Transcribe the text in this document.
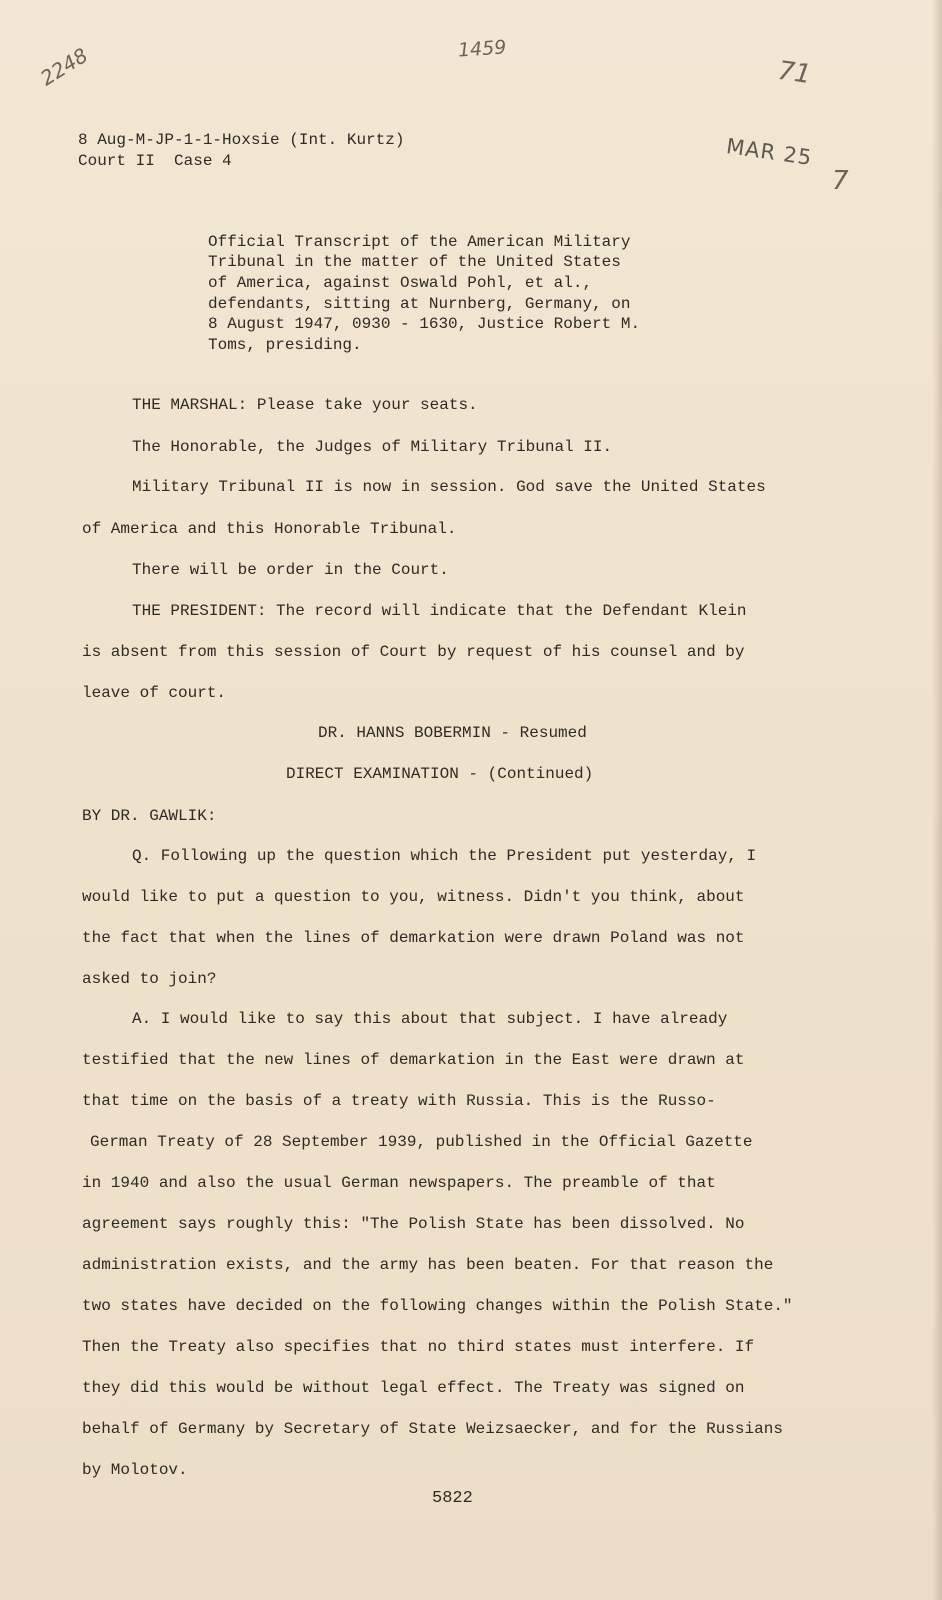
2248	1459
71
MAR 25
7
8 Aug-M-JP-1-1-Hoxsie (Int. Kurtz)
Court II  Case 4
Official Transcript of the American Military
Tribunal in the matter of the United States
of America, against Oswald Pohl, et al.,
defendants, sitting at Nurnberg, Germany, on
8 August 1947, 0930 - 1630, Justice Robert M.
Toms, presiding.
THE MARSHAL: Please take your seats.
The Honorable, the Judges of Military Tribunal II.
Military Tribunal II is now in session. God save the United States
of America and this Honorable Tribunal.
There will be order in the Court.
THE PRESIDENT: The record will indicate that the Defendant Klein
is absent from this session of Court by request of his counsel and by
leave of court.
DR. HANNS BOBERMIN - Resumed
DIRECT EXAMINATION - (Continued)
BY DR. GAWLIK:
Q. Following up the question which the President put yesterday, I
would like to put a question to you, witness. Didn't you think, about
the fact that when the lines of demarkation were drawn Poland was not
asked to join?
A. I would like to say this about that subject. I have already
testified that the new lines of demarkation in the East were drawn at
that time on the basis of a treaty with Russia. This is the Russo-
German Treaty of 28 September 1939, published in the Official Gazette
in 1940 and also the usual German newspapers. The preamble of that
agreement says roughly this: "The Polish State has been dissolved. No
administration exists, and the army has been beaten. For that reason the
two states have decided on the following changes within the Polish State."
Then the Treaty also specifies that no third states must interfere. If
they did this would be without legal effect. The Treaty was signed on
behalf of Germany by Secretary of State Weizsaecker, and for the Russians
by Molotov.
5822
